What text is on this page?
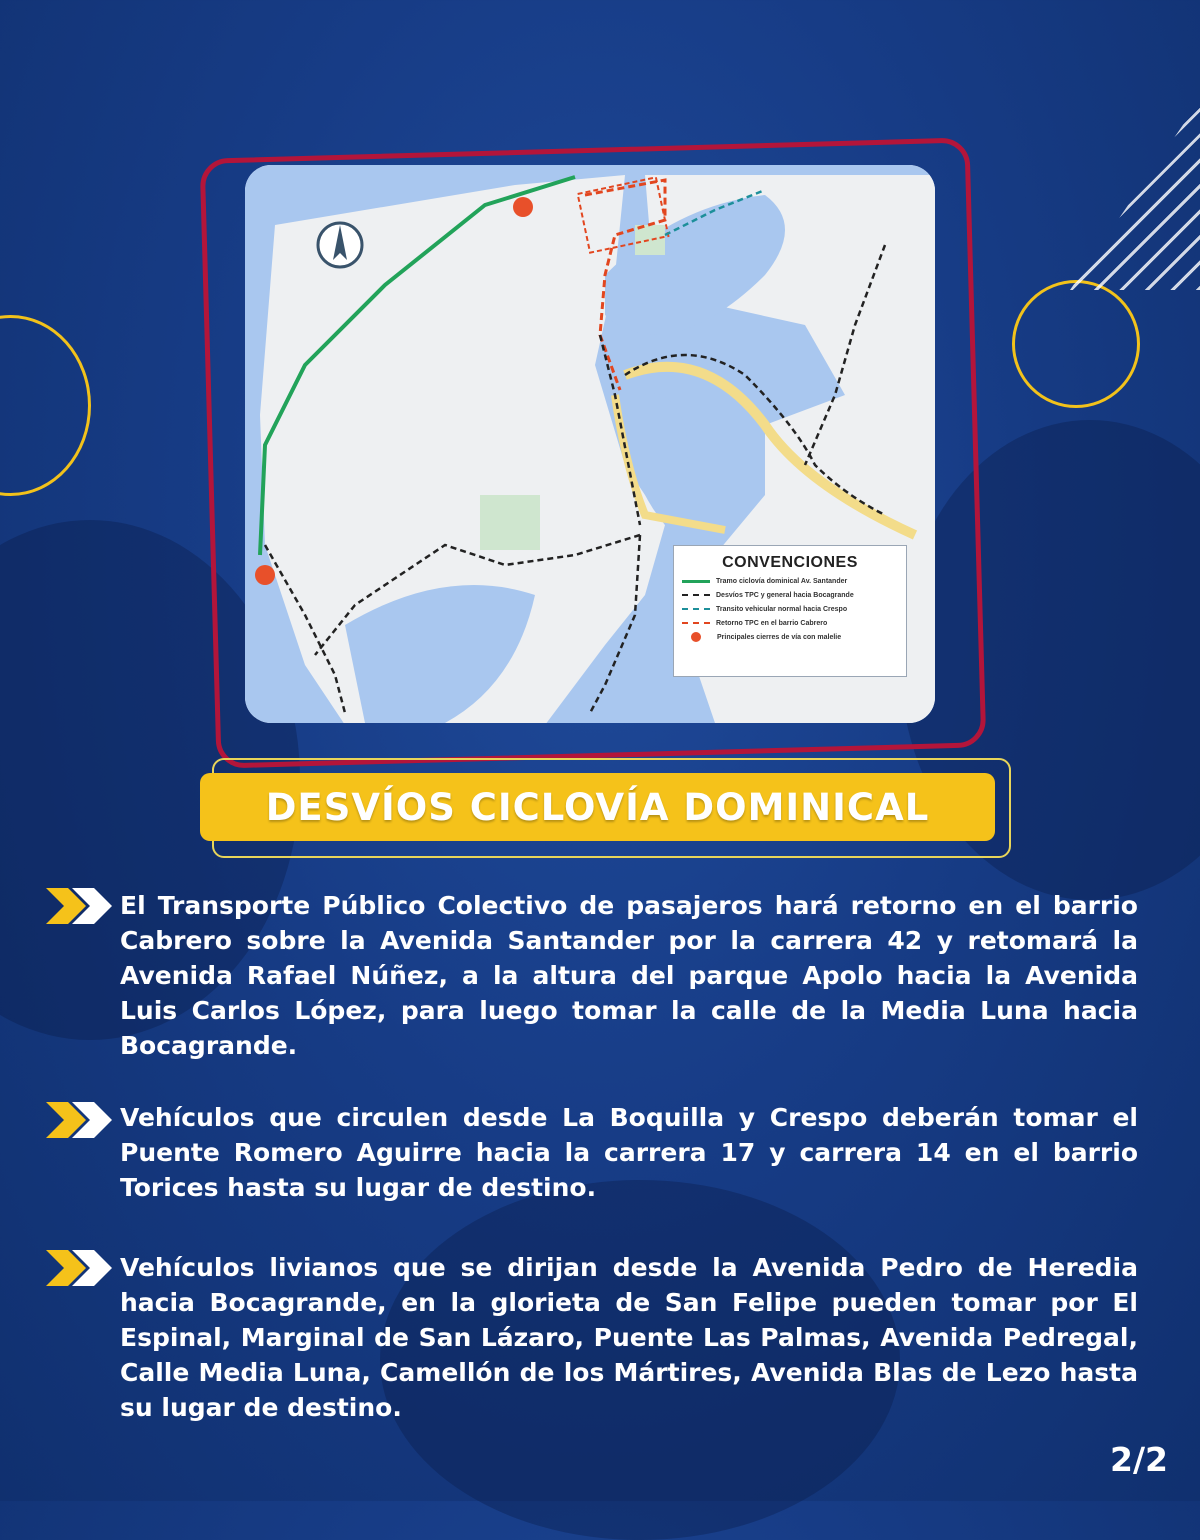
CONVENCIONES
Tramo ciclovía dominical Av. Santander
Desvíos TPC y general hacia Bocagrande
Transito vehicular normal hacia Crespo
Retorno TPC en el barrio Cabrero
Principales cierres de vía con malelie
DESVÍOS CICLOVÍA DOMINICAL

El Transporte Público Colectivo de pasajeros hará retorno en el barrio Cabrero sobre la Avenida Santander por la carrera 42 y retomará la Avenida Rafael Núñez, a la altura del parque Apolo hacia la Avenida Luis Carlos López, para luego tomar la calle de la Media Luna hacia Bocagrande.

Vehículos que circulen desde La Boquilla y Crespo deberán tomar el Puente Romero Aguirre hacia la carrera 17 y carrera 14 en el barrio Torices hasta su lugar de destino.

Vehículos livianos que se dirijan desde la Avenida Pedro de Heredia hacia Bocagrande, en la glorieta de San Felipe pueden tomar por El Espinal, Marginal de San Lázaro, Puente Las Palmas, Avenida Pedregal, Calle Media Luna, Camellón de los Mártires, Avenida Blas de Lezo hasta su lugar de destino.

2/2
